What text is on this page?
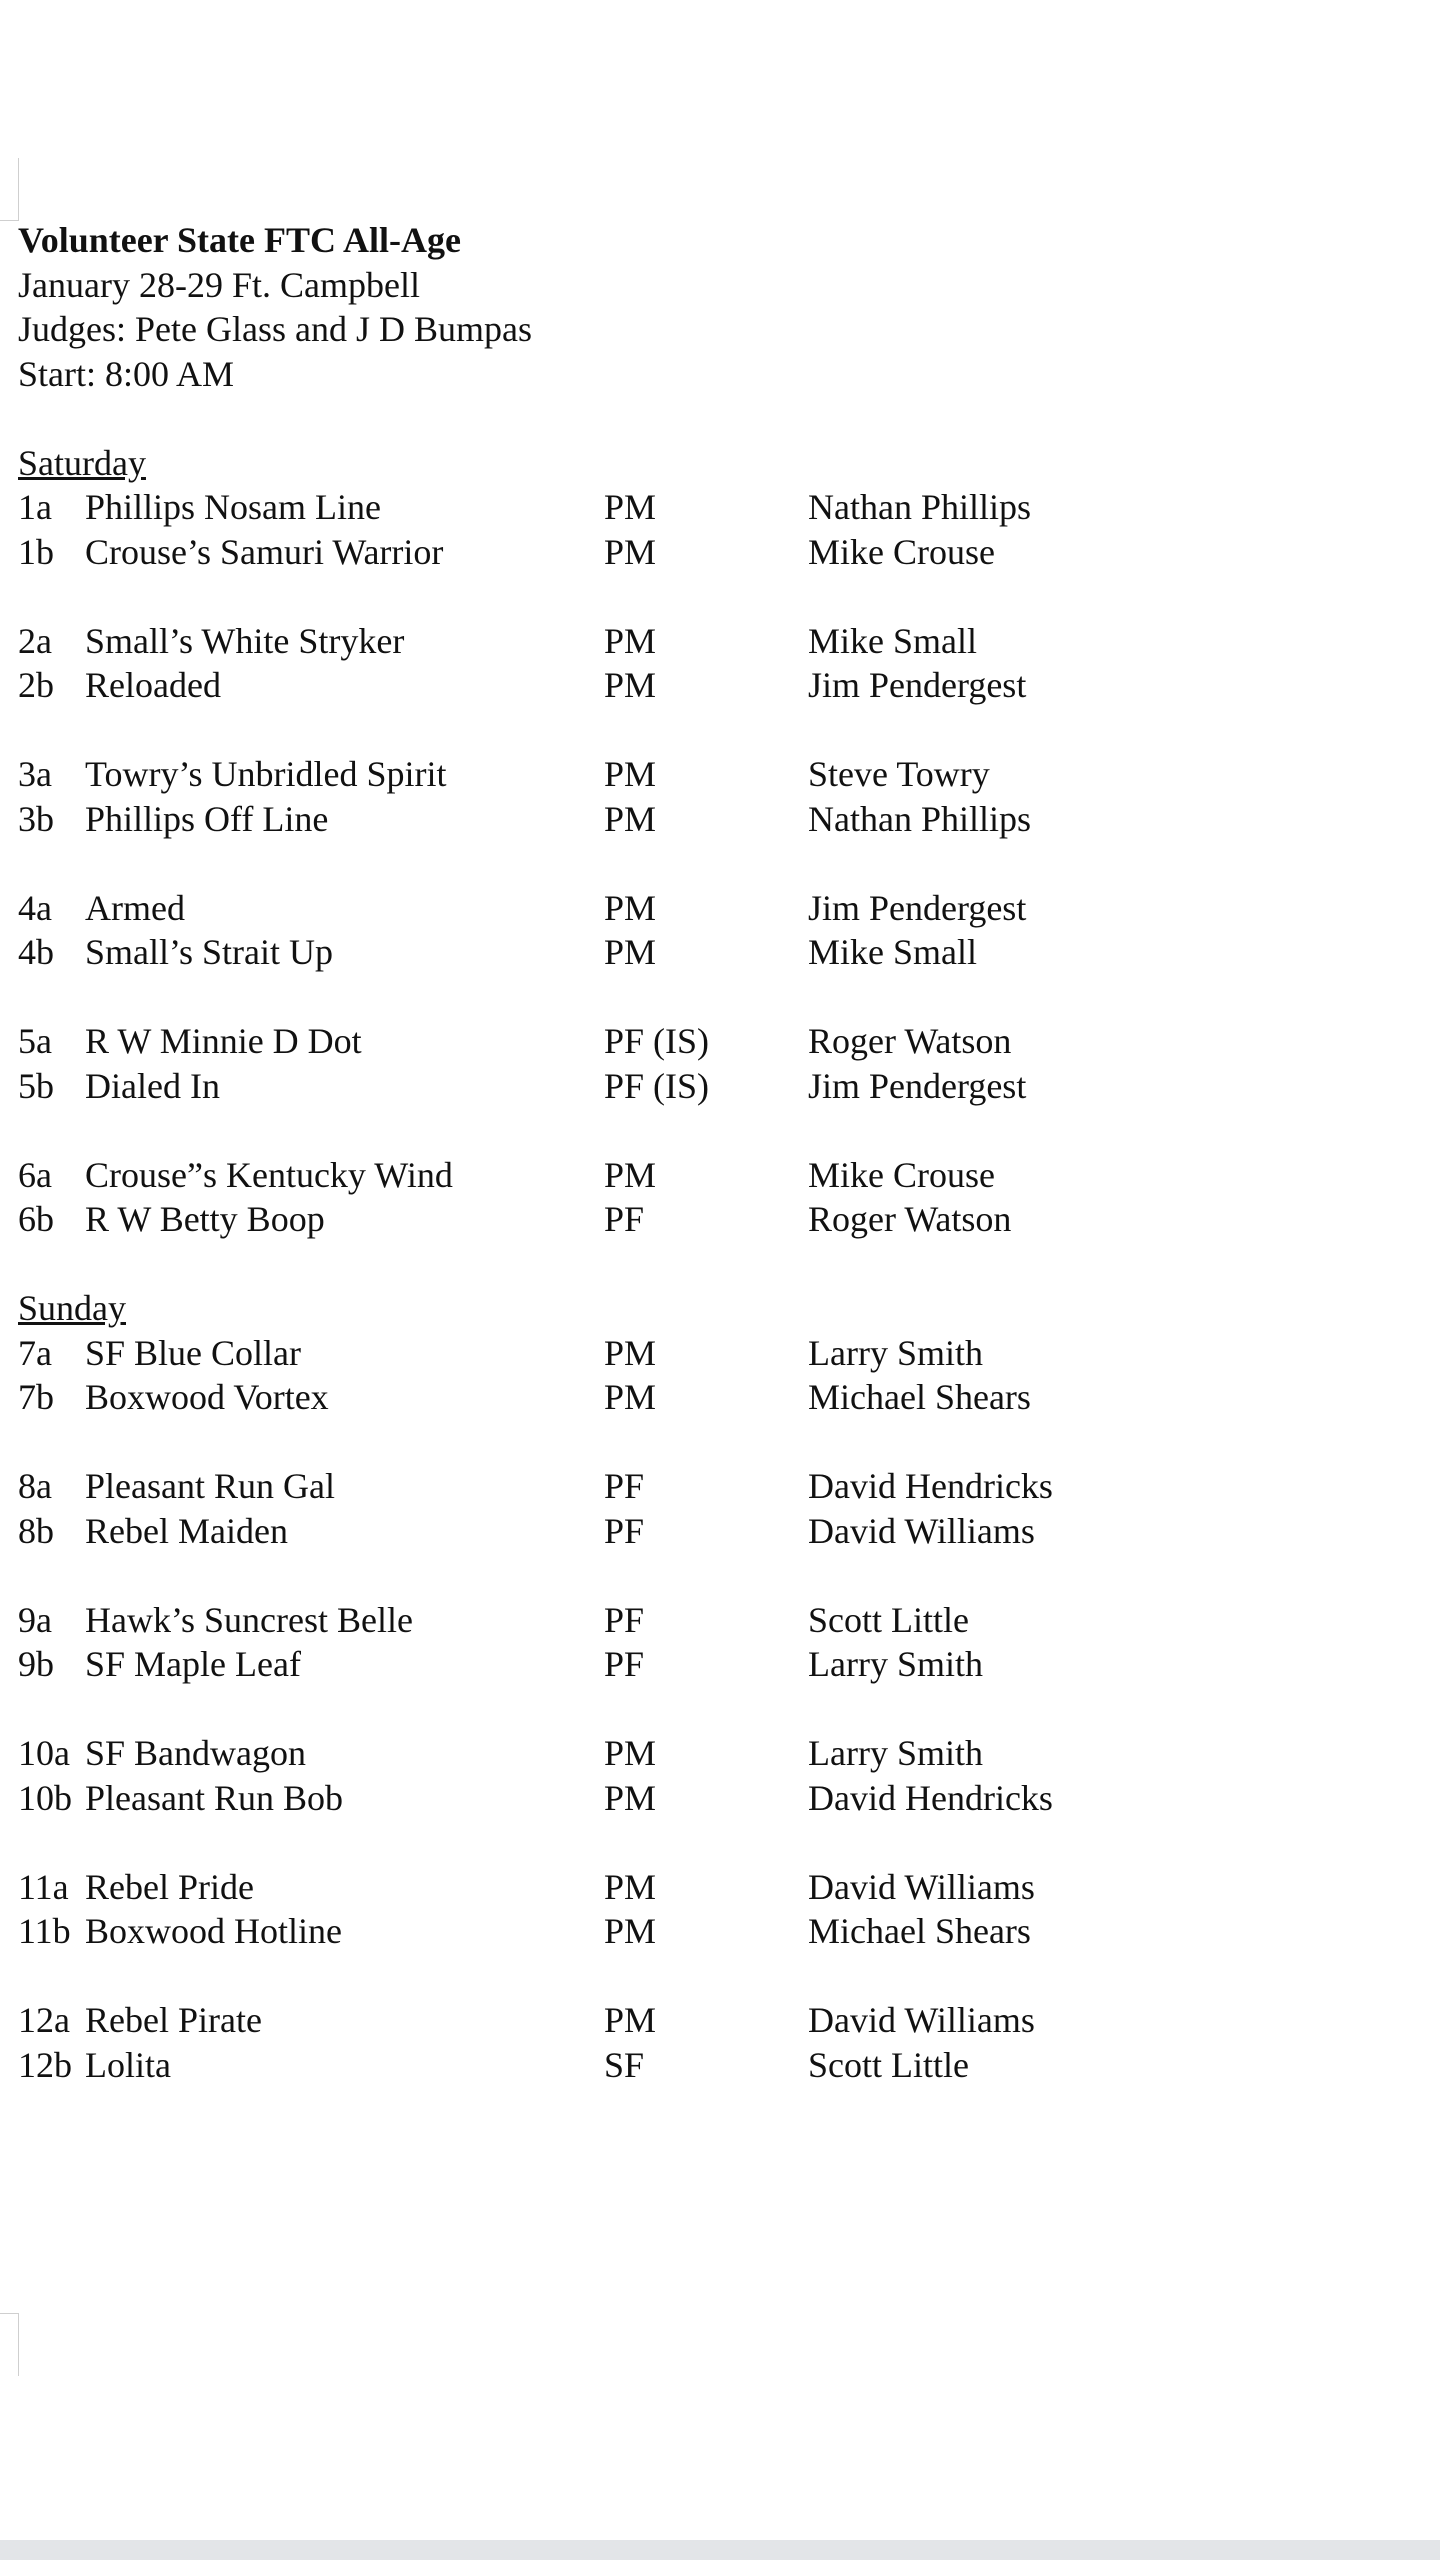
Volunteer State FTC All-Age
January 28-29 Ft. Campbell
Judges: Pete Glass and J D Bumpas
Start: 8:00 AM
Saturday
1a Phillips Nosam Line	PM	Nathan Phillips
1b Crouse’s Samuri Warrior	PM	Mike Crouse
2a Small’s White Stryker	PM	Mike Small
2b Reloaded	PM	Jim Pendergest
3a Towry’s Unbridled Spirit	PM	Steve Towry
3b Phillips Off Line	PM	Nathan Phillips
4a Armed	PM	Jim Pendergest
4b Small’s Strait Up	PM	Mike Small
5a R W Minnie D Dot	PF (IS)	Roger Watson
5b Dialed In	PF (IS)	Jim Pendergest
6a Crouse”s Kentucky Wind	PM	Mike Crouse
6b R W Betty Boop	PF	Roger Watson
Sunday
7a SF Blue Collar	PM	Larry Smith
7b Boxwood Vortex	PM	Michael Shears
8a Pleasant Run Gal	PF	David Hendricks
8b Rebel Maiden	PF	David Williams
9a Hawk’s Suncrest Belle	PF	Scott Little
9b SF Maple Leaf	PF	Larry Smith
10a SF Bandwagon	PM	Larry Smith
10b Pleasant Run Bob	PM	David Hendricks
11a Rebel Pride	PM	David Williams
11b Boxwood Hotline	PM	Michael Shears
12a Rebel Pirate	PM	David Williams
12b Lolita	SF	Scott Little
